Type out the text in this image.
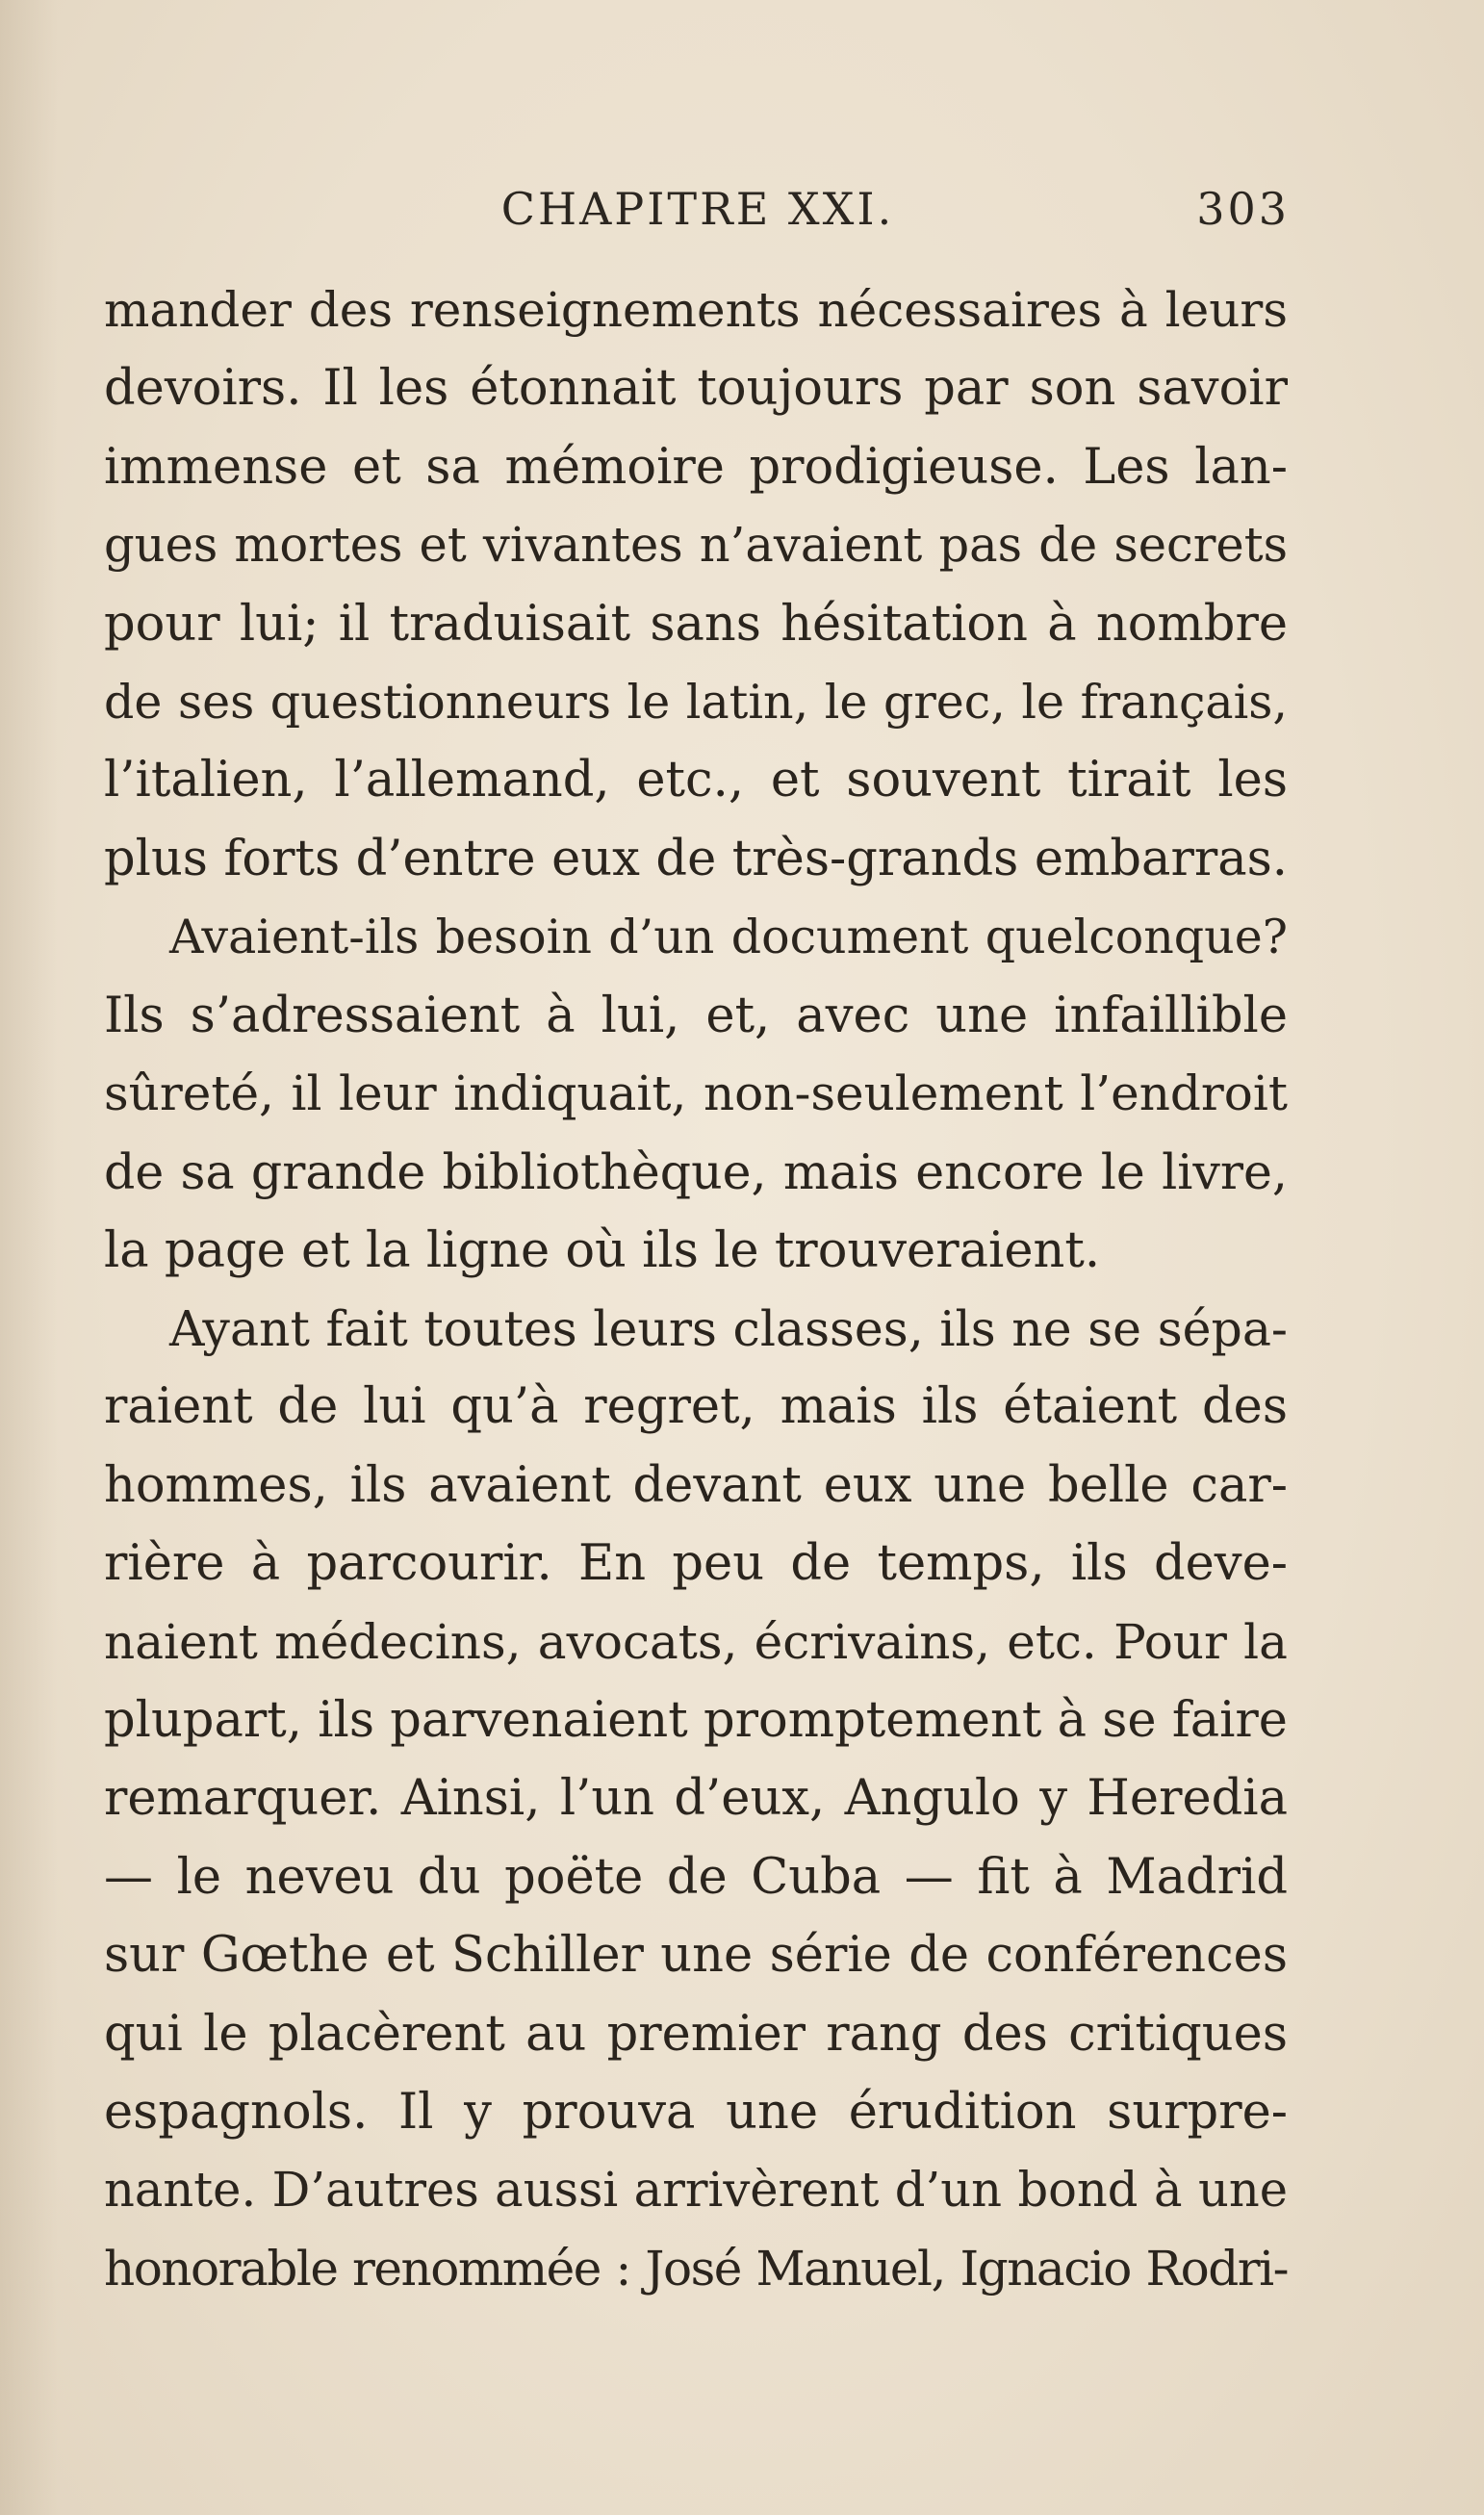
CHAPITRE XXI.	303
mander des renseignements nécessaires à leurs
devoirs. Il les étonnait toujours par son savoir
immense et sa mémoire prodigieuse. Les lan-
gues mortes et vivantes n’avaient pas de secrets
pour lui; il traduisait sans hésitation à nombre
de ses questionneurs le latin, le grec, le français,
l’italien, l’allemand, etc., et souvent tirait les
plus forts d’entre eux de très-grands embarras.
Avaient-ils besoin d’un document quelconque?
Ils s’adressaient à lui, et, avec une infaillible
sûreté, il leur indiquait, non-seulement l’endroit
de sa grande bibliothèque, mais encore le livre,
la page et la ligne où ils le trouveraient.
Ayant fait toutes leurs classes, ils ne se sépa-
raient de lui qu’à regret, mais ils étaient des
hommes, ils avaient devant eux une belle car-
rière à parcourir. En peu de temps, ils deve-
naient médecins, avocats, écrivains, etc. Pour la
plupart, ils parvenaient promptement à se faire
remarquer. Ainsi, l’un d’eux, Angulo y Heredia
— le neveu du poëte de Cuba — fit à Madrid
sur Gœthe et Schiller une série de conférences
qui le placèrent au premier rang des critiques
espagnols. Il y prouva une érudition surpre-
nante. D’autres aussi arrivèrent d’un bond à une
honorable renommée : José Manuel, Ignacio Rodri-
